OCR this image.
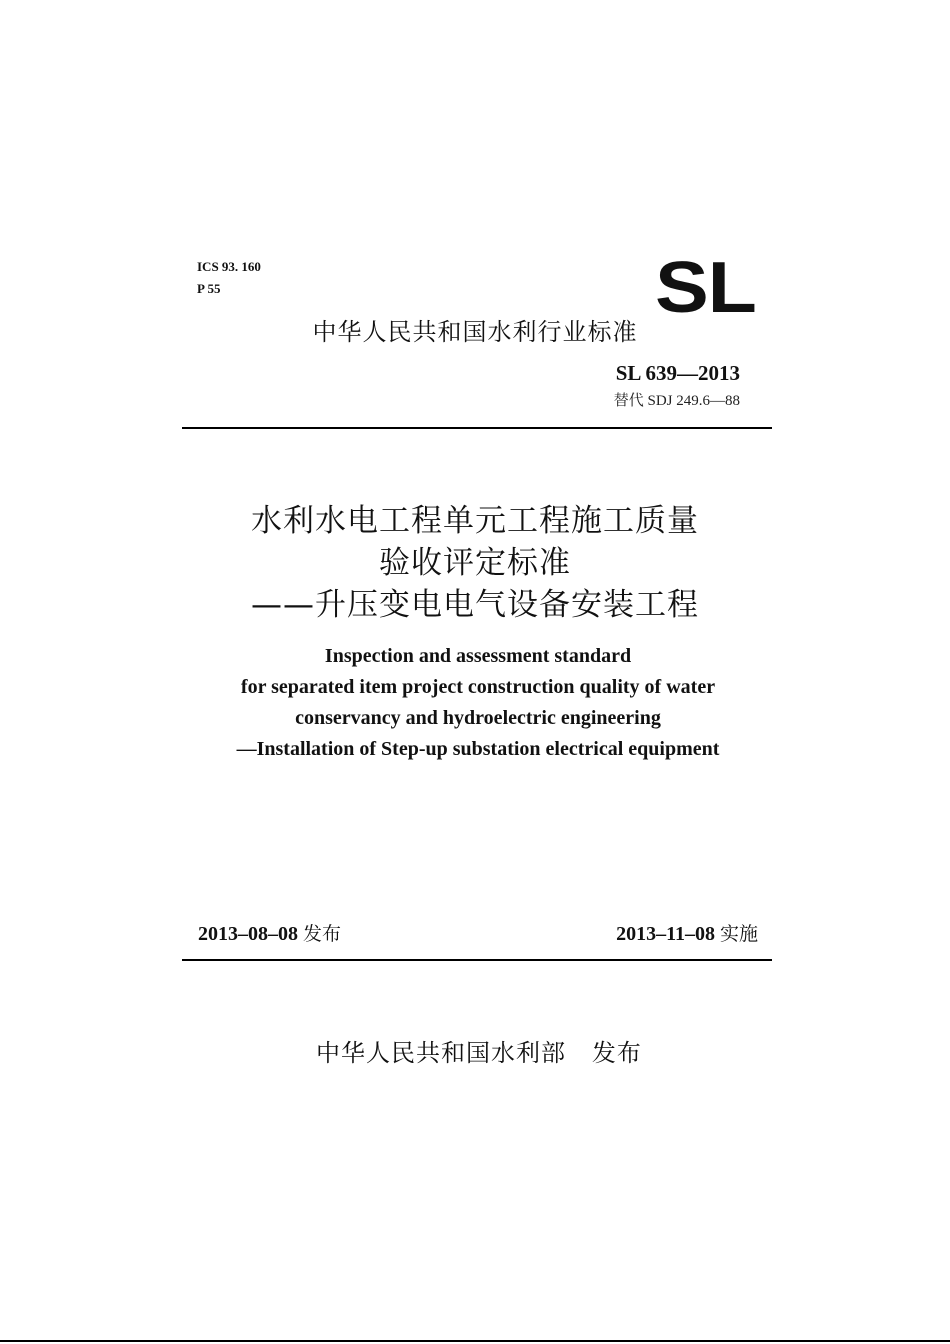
ICS 93. 160
P 55	SL
中华人民共和国水利行业标准
SL 639—2013
替代 SDJ 249.6—88
水利水电工程单元工程施工质量
验收评定标准
——升压变电电气设备安装工程
Inspection and assessment standard
for separated item project construction quality of water
conservancy and hydroelectric engineering
—Installation of Step-up substation electrical equipment
2013–08–08 发布	2013–11–08 实施
中华人民共和国水利部 发布
